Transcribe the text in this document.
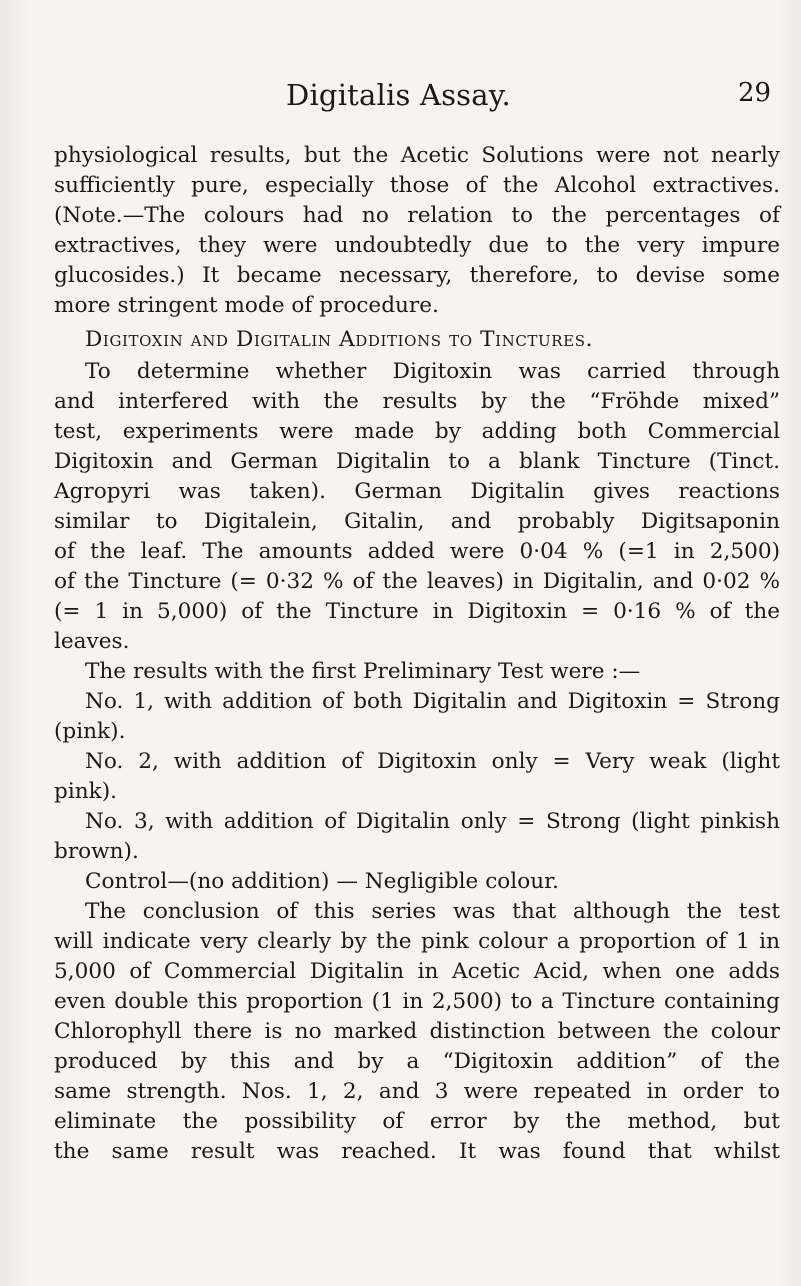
Digitalis Assay.	29
physiological results, but the Acetic Solutions were not nearly
sufficiently pure, especially those of the Alcohol extractives.
(Note.—The colours had no relation to the percentages of
extractives, they were undoubtedly due to the very impure
glucosides.) It became necessary, therefore, to devise some
more stringent mode of procedure.
Digitoxin and Digitalin Additions to Tinctures.
To determine whether Digitoxin was carried through
and interfered with the results by the “Fröhde mixed”
test, experiments were made by adding both Commercial
Digitoxin and German Digitalin to a blank Tincture (Tinct.
Agropyri was taken). German Digitalin gives reactions
similar to Digitalein, Gitalin, and probably Digitsaponin
of the leaf. The amounts added were 0·04 % (=1 in 2,500)
of the Tincture (= 0·32 % of the leaves) in Digitalin, and 0·02 %
(= 1 in 5,000) of the Tincture in Digitoxin = 0·16 % of the
leaves.
The results with the first Preliminary Test were :—
No. 1, with addition of both Digitalin and Digitoxin = Strong
(pink).
No. 2, with addition of Digitoxin only = Very weak (light
pink).
No. 3, with addition of Digitalin only = Strong (light pinkish
brown).
Control—(no addition) — Negligible colour.
The conclusion of this series was that although the test
will indicate very clearly by the pink colour a proportion of 1 in
5,000 of Commercial Digitalin in Acetic Acid, when one adds
even double this proportion (1 in 2,500) to a Tincture containing
Chlorophyll there is no marked distinction between the colour
produced by this and by a “Digitoxin addition” of the
same strength. Nos. 1, 2, and 3 were repeated in order to
eliminate the possibility of error by the method, but
the same result was reached. It was found that whilst
